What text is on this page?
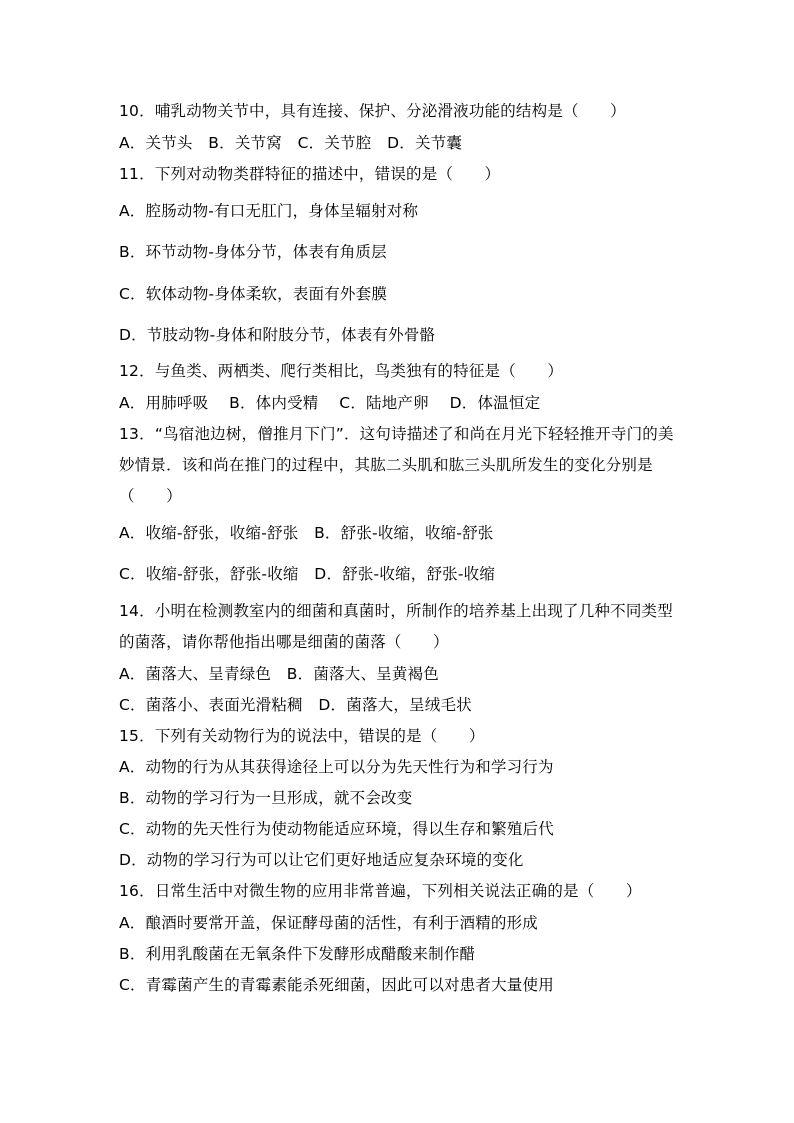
10．哺乳动物关节中，具有连接、保护、分泌滑液功能的结构是（　　）
A．关节头　B．关节窝　C．关节腔　D．关节囊
11．下列对动物类群特征的描述中，错误的是（　　）
A．腔肠动物-有口无肛门，身体呈辐射对称
B．环节动物-身体分节，体表有角质层
C．软体动物-身体柔软，表面有外套膜
D．节肢动物-身体和附肢分节，体表有外骨骼
12．与鱼类、两栖类、爬行类相比，鸟类独有的特征是（　　）
A．用肺呼吸　 B．体内受精　 C．陆地产卵　 D．体温恒定
13．“鸟宿池边树，僧推月下门”．这句诗描述了和尚在月光下轻轻推开寺门的美
妙情景．该和尚在推门的过程中，其肱二头肌和肱三头肌所发生的变化分别是
（　　）
A．收缩-舒张，收缩-舒张　B．舒张-收缩，收缩-舒张
C．收缩-舒张，舒张-收缩　D．舒张-收缩，舒张-收缩
14．小明在检测教室内的细菌和真菌时，所制作的培养基上出现了几种不同类型
的菌落，请你帮他指出哪是细菌的菌落（　　）
A．菌落大、呈青绿色　B．菌落大、呈黄褐色
C．菌落小、表面光滑粘稠　D．菌落大，呈绒毛状
15．下列有关动物行为的说法中，错误的是（　　）
A．动物的行为从其获得途径上可以分为先天性行为和学习行为
B．动物的学习行为一旦形成，就不会改变
C．动物的先天性行为使动物能适应环境，得以生存和繁殖后代
D．动物的学习行为可以让它们更好地适应复杂环境的变化
16．日常生活中对微生物的应用非常普遍，下列相关说法正确的是（　　）
A．酿酒时要常开盖，保证酵母菌的活性，有利于酒精的形成
B．利用乳酸菌在无氧条件下发酵形成醋酸来制作醋
C．青霉菌产生的青霉素能杀死细菌，因此可以对患者大量使用
